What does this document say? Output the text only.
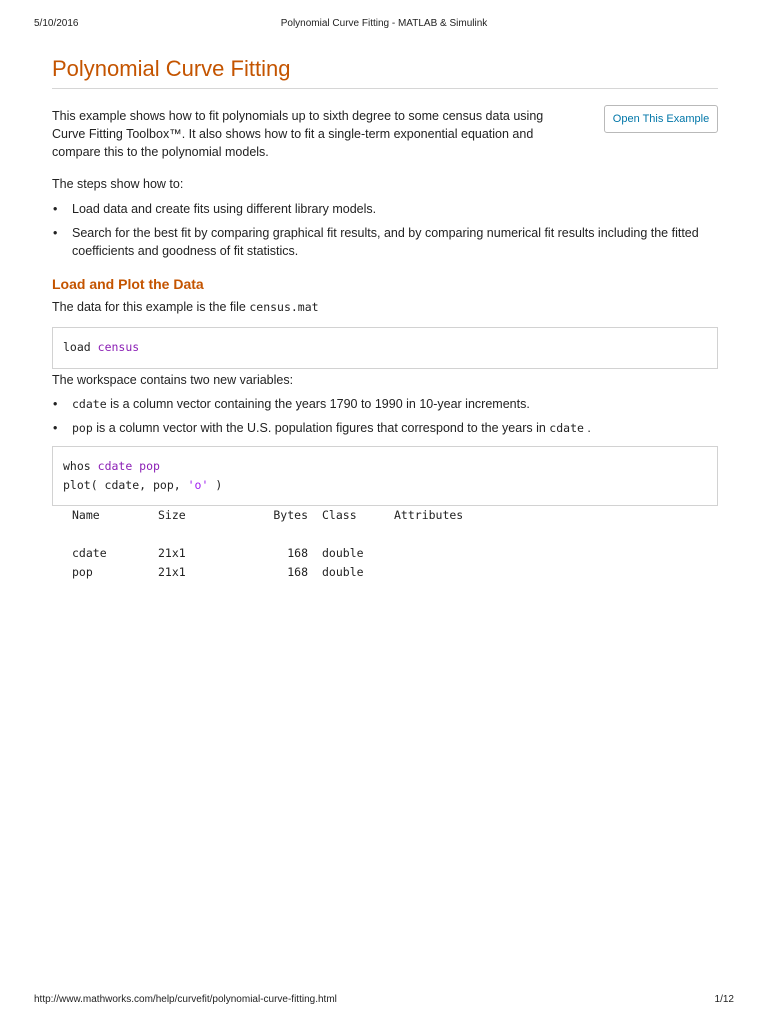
5/10/2016	Polynomial Curve Fitting - MATLAB & Simulink
Polynomial Curve Fitting

This example shows how to fit polynomials up to sixth degree to some census data using Curve Fitting Toolbox™. It also shows how to fit a single-term exponential equation and compare this to the polynomial models.

Open This Example

The steps show how to:

• Load data and create fits using different library models.
• Search for the best fit by comparing graphical fit results, and by comparing numerical fit results including the fitted coefficients and goodness of fit statistics.
Load and Plot the Data

The data for this example is the file census.mat

load census

The workspace contains two new variables:

• cdate is a column vector containing the years 1790 to 1990 in 10-year increments.
• pop is a column vector with the U.S. population figures that correspond to the years in cdate .
whos cdate pop
plot( cdate, pop, 'o' )
Name	Size	Bytes	Class	Attributes

cdate	21x1	168	double	
pop	21x1	168	double	
http://www.mathworks.com/help/curvefit/polynomial-curve-fitting.html	1/12
